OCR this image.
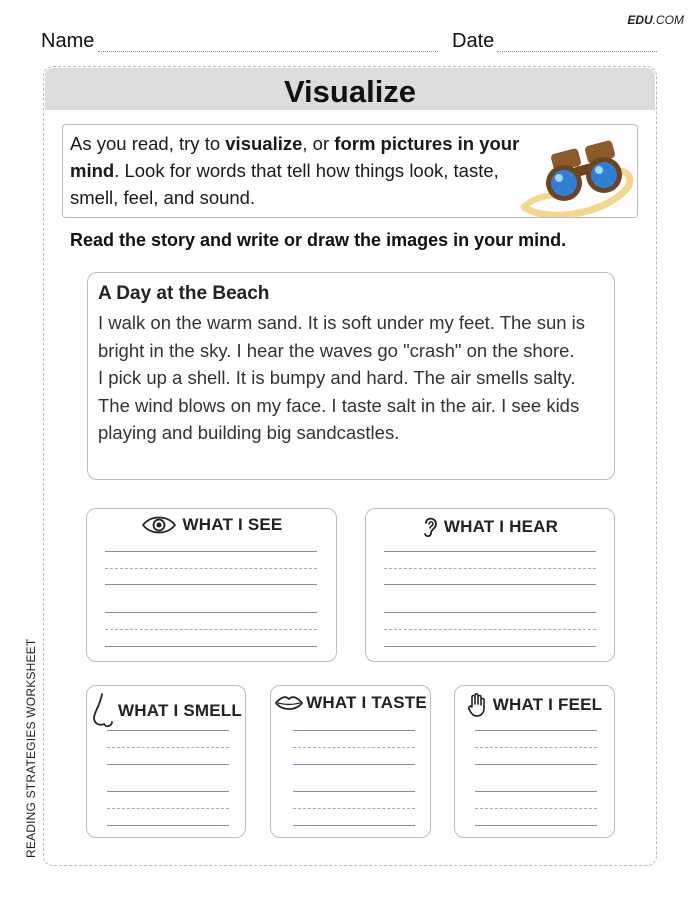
EDU.COM
Name	Date
Visualize
As you read, try to visualize, or form pictures in your mind. Look for words that tell how things look, taste, smell, feel, and sound.
Read the story and write or draw the images in your mind.
A Day at the Beach

I walk on the warm sand. It is soft under my feet. The sun is bright in the sky. I hear the waves go "crash" on the shore.

I pick up a shell. It is bumpy and hard. The air smells salty. The wind blows on my face. I taste salt in the air. I see kids playing and building big sandcastles.

WHAT I SEE	WHAT I HEAR
WHAT I SMELL	WHAT I TASTE	WHAT I FEEL
READING STRATEGIES WORKSHEET
